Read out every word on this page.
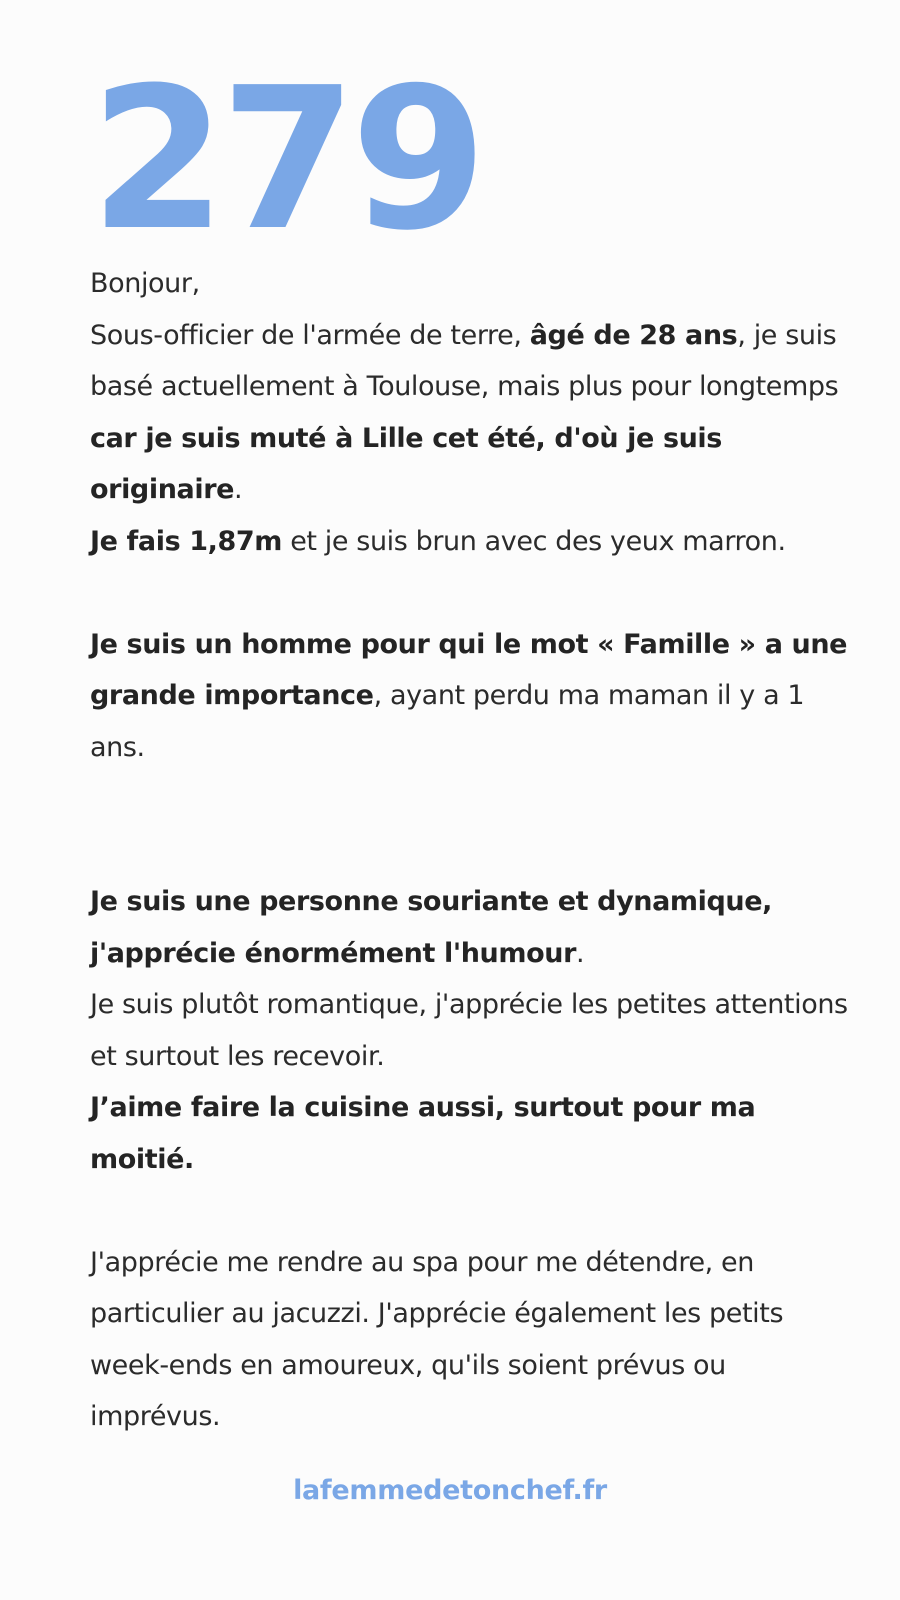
279

Bonjour,

Sous-officier de l'armée de terre, âgé de 28 ans, je suis basé actuellement à Toulouse, mais plus pour longtemps car je suis muté à Lille cet été, d'où je suis originaire.

Je fais 1,87m et je suis brun avec des yeux marron.

Je suis un homme pour qui le mot « Famille » a une grande importance, ayant perdu ma maman il y a 1 ans.

Je suis une personne souriante et dynamique, j'apprécie énormément l'humour.

Je suis plutôt romantique, j'apprécie les petites attentions et surtout les recevoir.

J’aime faire la cuisine aussi, surtout pour ma moitié.

J'apprécie me rendre au spa pour me détendre, en particulier au jacuzzi. J'apprécie également les petits week-ends en amoureux, qu'ils soient prévus ou imprévus.

lafemmedetonchef.fr
